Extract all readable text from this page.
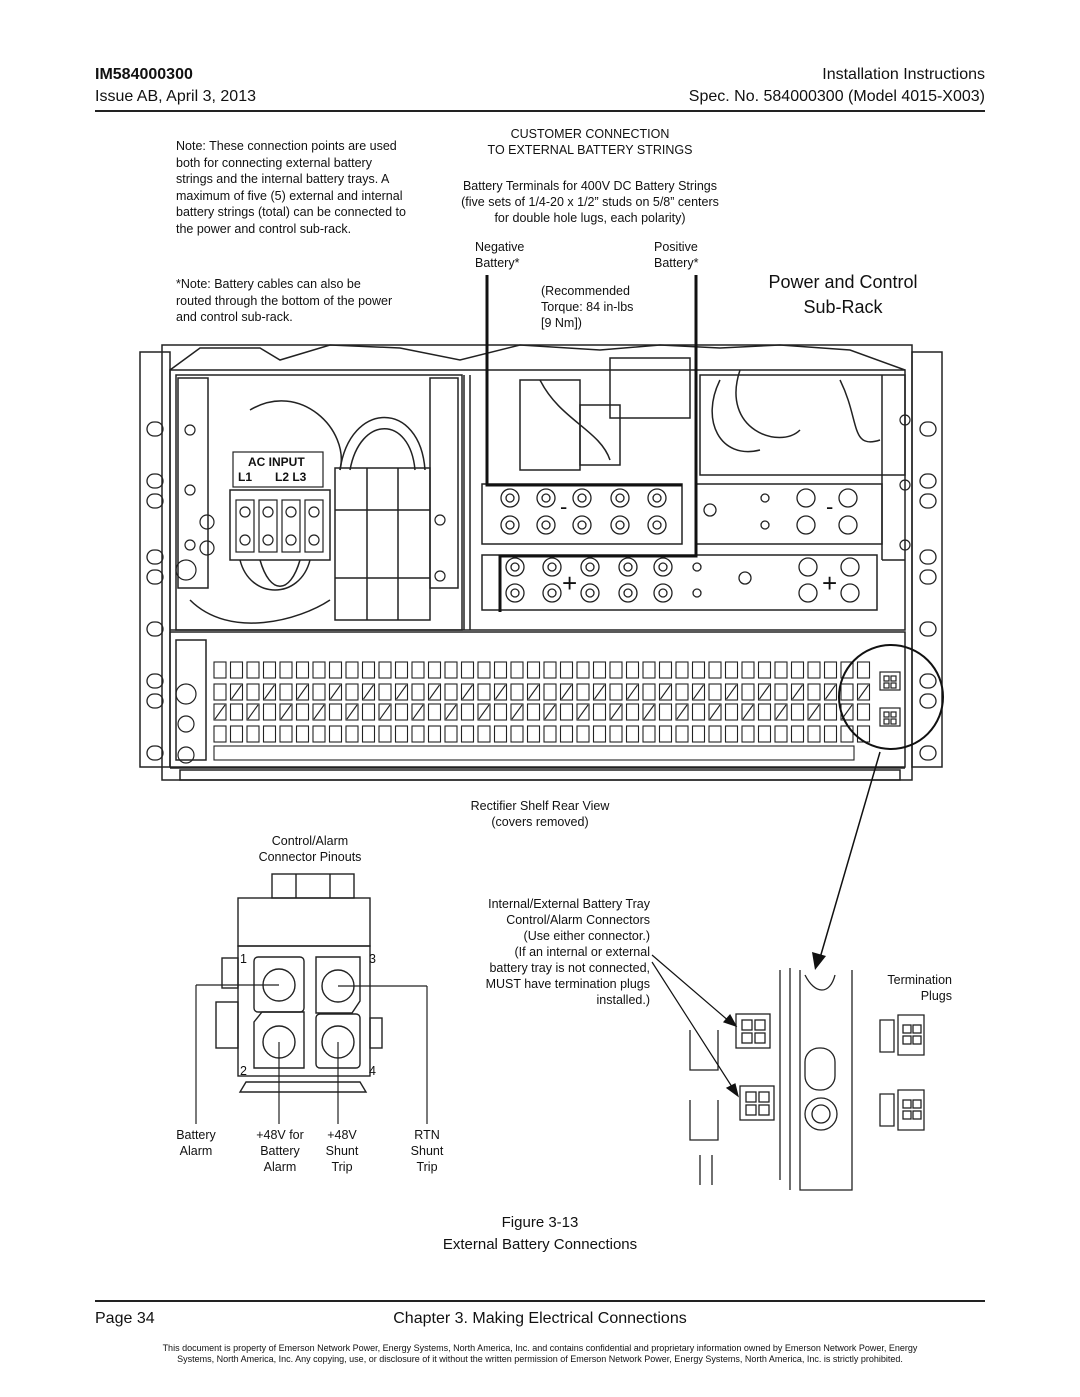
IM584000300
Issue AB, April 3, 2013
Installation Instructions
Spec. No. 584000300 (Model 4015-X003)
Note: These connection points are used both for connecting external battery strings and the internal battery trays. A maximum of five (5) external and internal battery strings (total) can be connected to the power and control sub-rack.
*Note: Battery cables can also be routed through the bottom of the power and control sub-rack.
CUSTOMER CONNECTION
TO EXTERNAL BATTERY STRINGS
Battery Terminals for 400V DC Battery Strings
(five sets of 1/4-20 x 1/2” studs on 5/8” centers
for double hole lugs, each polarity)
Negative
Battery*
Positive
Battery*
(Recommended
Torque: 84 in-lbs
[9 Nm])
Power and Control
Sub-Rack
AC INPUT
L1 L2 L3
-	-
+	+
Rectifier Shelf Rear View
(covers removed)
Control/Alarm
Connector Pinouts
1
2
3
4
Battery
Alarm
+48V for
Battery
Alarm
+48V
Shunt
Trip
RTN
Shunt
Trip
Internal/External Battery Tray
Control/Alarm Connectors
(Use either connector.)
(If an internal or external
battery tray is not connected,
MUST have termination plugs
installed.)
Termination
Plugs
Figure 3-13
External Battery Connections
Page 34	Chapter 3. Making Electrical Connections
This document is property of Emerson Network Power, Energy Systems, North America, Inc. and contains confidential and proprietary information owned by Emerson Network Power, Energy
Systems, North America, Inc. Any copying, use, or disclosure of it without the written permission of Emerson Network Power, Energy Systems, North America, Inc. is strictly prohibited.
